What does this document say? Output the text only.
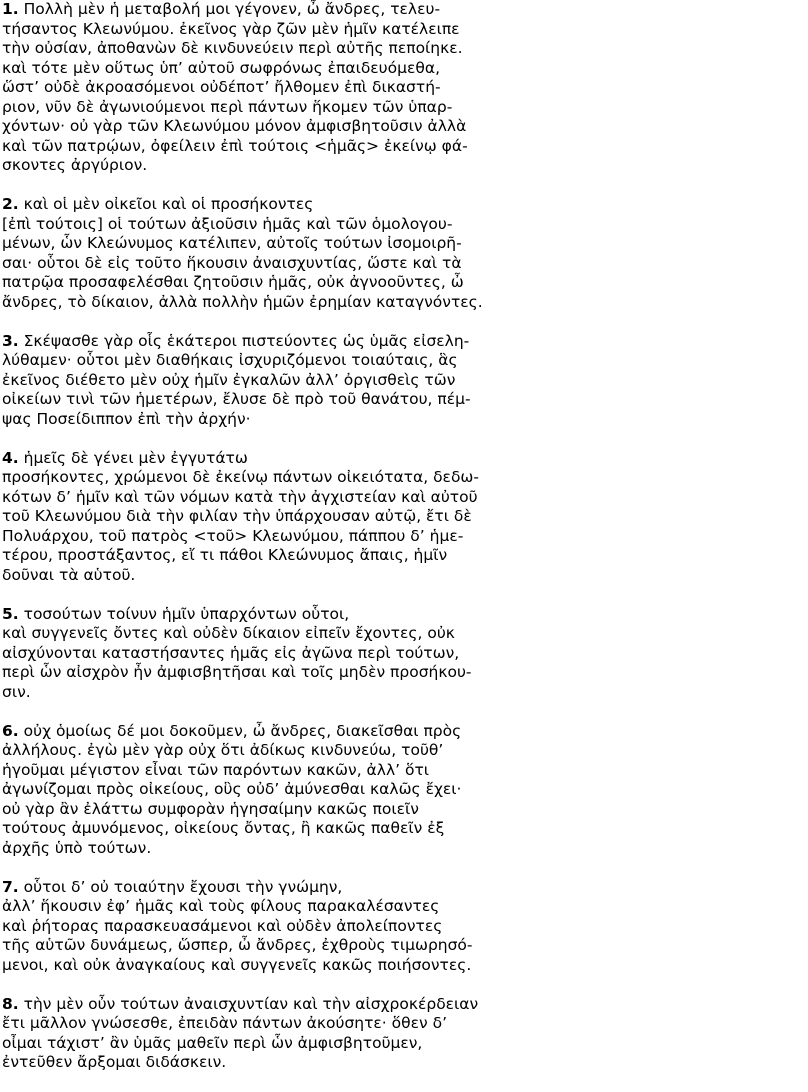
1. Πολλὴ μὲν ἡ μεταβολή μοι γέγονεν, ὦ ἄνδρες, τελευ-
τήσαντος Κλεωνύμου. ἐκεῖνος γὰρ ζῶν μὲν ἡμῖν κατέλειπε
τὴν οὐσίαν, ἀποθανὼν δὲ κινδυνεύειν περὶ αὐτῆς πεποίηκε.
καὶ τότε μὲν οὕτως ὑπ’ αὐτοῦ σωφρόνως ἐπαιδευόμεθα,
ὥστ’ οὐδὲ ἀκροασόμενοι οὐδέποτ’ ἤλθομεν ἐπὶ δικαστή-
ριον, νῦν δὲ ἀγωνιούμενοι περὶ πάντων ἥκομεν τῶν ὑπαρ-
χόντων· οὐ γὰρ τῶν Κλεωνύμου μόνον ἀμφισβητοῦσιν ἀλλὰ
καὶ τῶν πατρῴων, ὀφείλειν ἐπὶ τούτοις <ἡμᾶς> ἐκείνῳ φά-
σκοντες ἀργύριον.
2. καὶ οἱ μὲν οἰκεῖοι καὶ οἱ προσήκοντες
[ἐπὶ τούτοις] οἱ τούτων ἀξιοῦσιν ἡμᾶς καὶ τῶν ὁμολογου-
μένων, ὧν Κλεώνυμος κατέλιπεν, αὐτοῖς τούτων ἰσομοιρῆ-
σαι· οὗτοι δὲ εἰς τοῦτο ἥκουσιν ἀναισχυντίας, ὥστε καὶ τὰ
πατρῷα προσαφελέσθαι ζητοῦσιν ἡμᾶς, οὐκ ἀγνοοῦντες, ὦ
ἄνδρες, τὸ δίκαιον, ἀλλὰ πολλὴν ἡμῶν ἐρημίαν καταγνόντες.
3. Σκέψασθε γὰρ οἷς ἑκάτεροι πιστεύοντες ὡς ὑμᾶς εἰσελη-
λύθαμεν· οὗτοι μὲν διαθήκαις ἰσχυριζόμενοι τοιαύταις, ἃς
ἐκεῖνος διέθετο μὲν οὐχ ἡμῖν ἐγκαλῶν ἀλλ’ ὀργισθεὶς τῶν
οἰκείων τινὶ τῶν ἡμετέρων, ἔλυσε δὲ πρὸ τοῦ θανάτου, πέμ-
ψας Ποσείδιππον ἐπὶ τὴν ἀρχήν·
4. ἡμεῖς δὲ γένει μὲν ἐγγυτάτω
προσήκοντες, χρώμενοι δὲ ἐκείνῳ πάντων οἰκειότατα, δεδω-
κότων δ’ ἡμῖν καὶ τῶν νόμων κατὰ τὴν ἀγχιστείαν καὶ αὐτοῦ
τοῦ Κλεωνύμου διὰ τὴν φιλίαν τὴν ὑπάρχουσαν αὐτῷ, ἔτι δὲ
Πολυάρχου, τοῦ πατρὸς <τοῦ> Κλεωνύμου, πάππου δ’ ἡμε-
τέρου, προστάξαντος, εἴ τι πάθοι Κλεώνυμος ἄπαις, ἡμῖν
δοῦναι τὰ αὑτοῦ.
5. τοσούτων τοίνυν ἡμῖν ὑπαρχόντων οὗτοι,
καὶ συγγενεῖς ὄντες καὶ οὐδὲν δίκαιον εἰπεῖν ἔχοντες, οὐκ
αἰσχύνονται καταστήσαντες ἡμᾶς εἰς ἀγῶνα περὶ τούτων,
περὶ ὧν αἰσχρὸν ἦν ἀμφισβητῆσαι καὶ τοῖς μηδὲν προσήκου-
σιν.
6. οὐχ ὁμοίως δέ μοι δοκοῦμεν, ὦ ἄνδρες, διακεῖσθαι πρὸς
ἀλλήλους. ἐγὼ μὲν γὰρ οὐχ ὅτι ἀδίκως κινδυνεύω, τοῦθ’
ἡγοῦμαι μέγιστον εἶναι τῶν παρόντων κακῶν, ἀλλ’ ὅτι
ἀγωνίζομαι πρὸς οἰκείους, οὓς οὐδ’ ἀμύνεσθαι καλῶς ἔχει·
οὐ γὰρ ἂν ἐλάττω συμφορὰν ἡγησαίμην κακῶς ποιεῖν
τούτους ἀμυνόμενος, οἰκείους ὄντας, ἢ κακῶς παθεῖν ἐξ
ἀρχῆς ὑπὸ τούτων.
7. οὗτοι δ’ οὐ τοιαύτην ἔχουσι τὴν γνώμην,
ἀλλ’ ἥκουσιν ἐφ’ ἡμᾶς καὶ τοὺς φίλους παρακαλέσαντες
καὶ ῥήτορας παρασκευασάμενοι καὶ οὐδὲν ἀπολείποντες
τῆς αὑτῶν δυνάμεως, ὥσπερ, ὦ ἄνδρες, ἐχθροὺς τιμωρησό-
μενοι, καὶ οὐκ ἀναγκαίους καὶ συγγενεῖς κακῶς ποιήσοντες.
8. τὴν μὲν οὖν τούτων ἀναισχυντίαν καὶ τὴν αἰσχροκέρδειαν
ἔτι μᾶλλον γνώσεσθε, ἐπειδὰν πάντων ἀκούσητε· ὅθεν δ’
οἶμαι τάχιστ’ ἂν ὑμᾶς μαθεῖν περὶ ὧν ἀμφισβητοῦμεν,
ἐντεῦθεν ἄρξομαι διδάσκειν.
